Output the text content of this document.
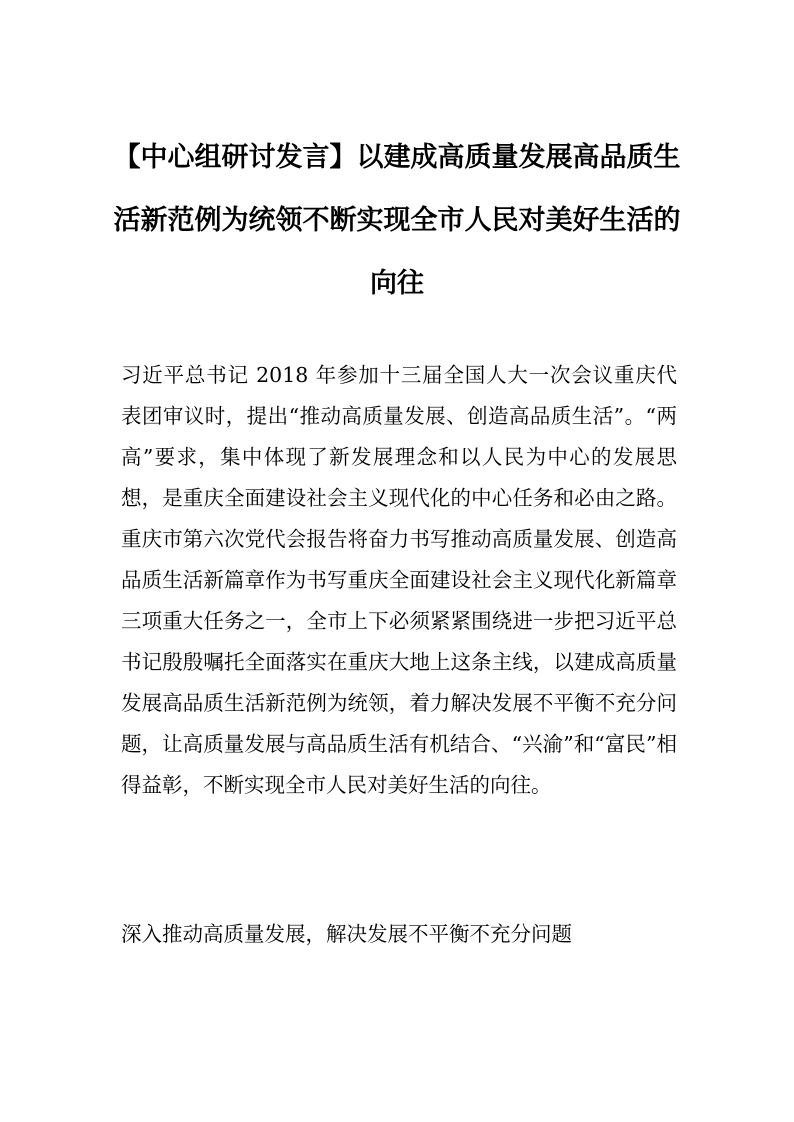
【中心组研讨发言】以建成高质量发展高品质生活新范例为统领不断实现全市人民对美好生活的向往

习近平总书记 2018 年参加十三届全国人大一次会议重庆代表团审议时，提出“推动高质量发展、创造高品质生活”。“两高”要求，集中体现了新发展理念和以人民为中心的发展思想，是重庆全面建设社会主义现代化的中心任务和必由之路。重庆市第六次党代会报告将奋力书写推动高质量发展、创造高品质生活新篇章作为书写重庆全面建设社会主义现代化新篇章三项重大任务之一，全市上下必须紧紧围绕进一步把习近平总书记殷殷嘱托全面落实在重庆大地上这条主线，以建成高质量发展高品质生活新范例为统领，着力解决发展不平衡不充分问题，让高质量发展与高品质生活有机结合、“兴渝”和“富民”相得益彰，不断实现全市人民对美好生活的向往。

深入推动高质量发展，解决发展不平衡不充分问题
